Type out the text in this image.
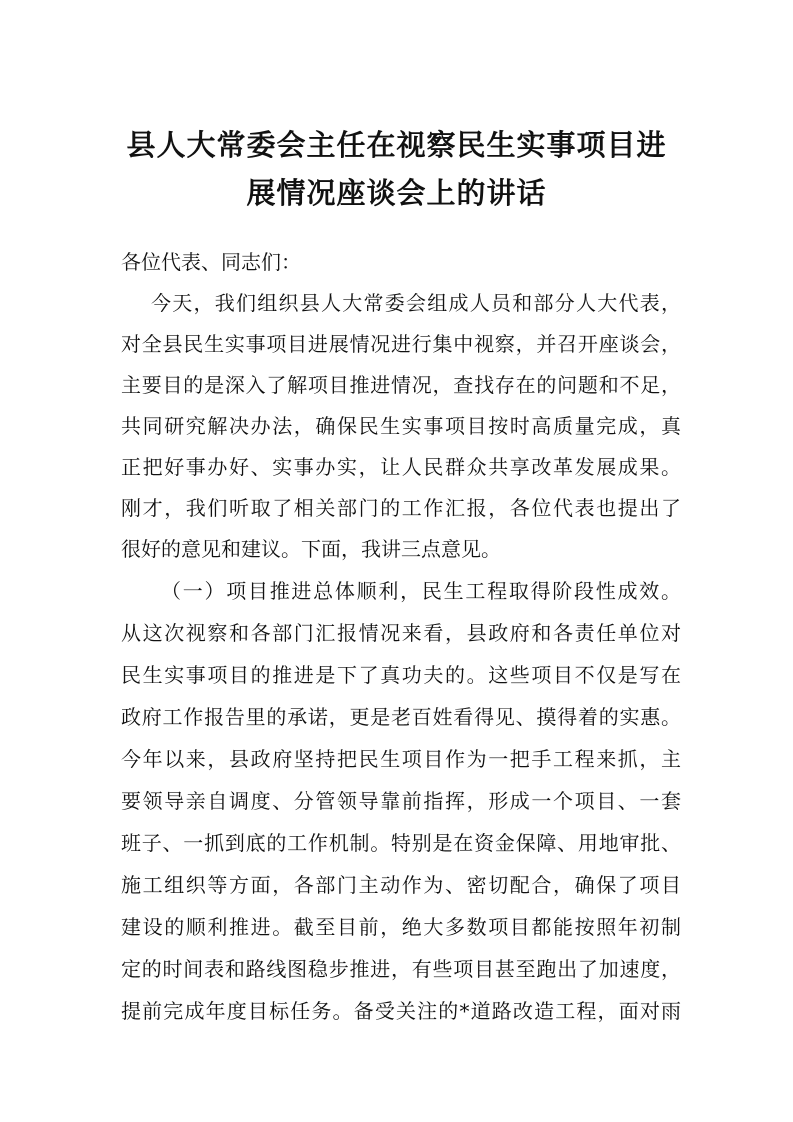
县人大常委会主任在视察民生实事项目进
展情况座谈会上的讲话
各位代表、同志们：
今天，我们组织县人大常委会组成人员和部分人大代表，
对全县民生实事项目进展情况进行集中视察，并召开座谈会，
主要目的是深入了解项目推进情况，查找存在的问题和不足，
共同研究解决办法，确保民生实事项目按时高质量完成，真
正把好事办好、实事办实，让人民群众共享改革发展成果。
刚才，我们听取了相关部门的工作汇报，各位代表也提出了
很好的意见和建议。下面，我讲三点意见。
（一）项目推进总体顺利，民生工程取得阶段性成效。
从这次视察和各部门汇报情况来看，县政府和各责任单位对
民生实事项目的推进是下了真功夫的。这些项目不仅是写在
政府工作报告里的承诺，更是老百姓看得见、摸得着的实惠。
今年以来，县政府坚持把民生项目作为一把手工程来抓，主
要领导亲自调度、分管领导靠前指挥，形成一个项目、一套
班子、一抓到底的工作机制。特别是在资金保障、用地审批、
施工组织等方面，各部门主动作为、密切配合，确保了项目
建设的顺利推进。截至目前，绝大多数项目都能按照年初制
定的时间表和路线图稳步推进，有些项目甚至跑出了加速度，
提前完成年度目标任务。备受关注的*道路改造工程，面对雨
